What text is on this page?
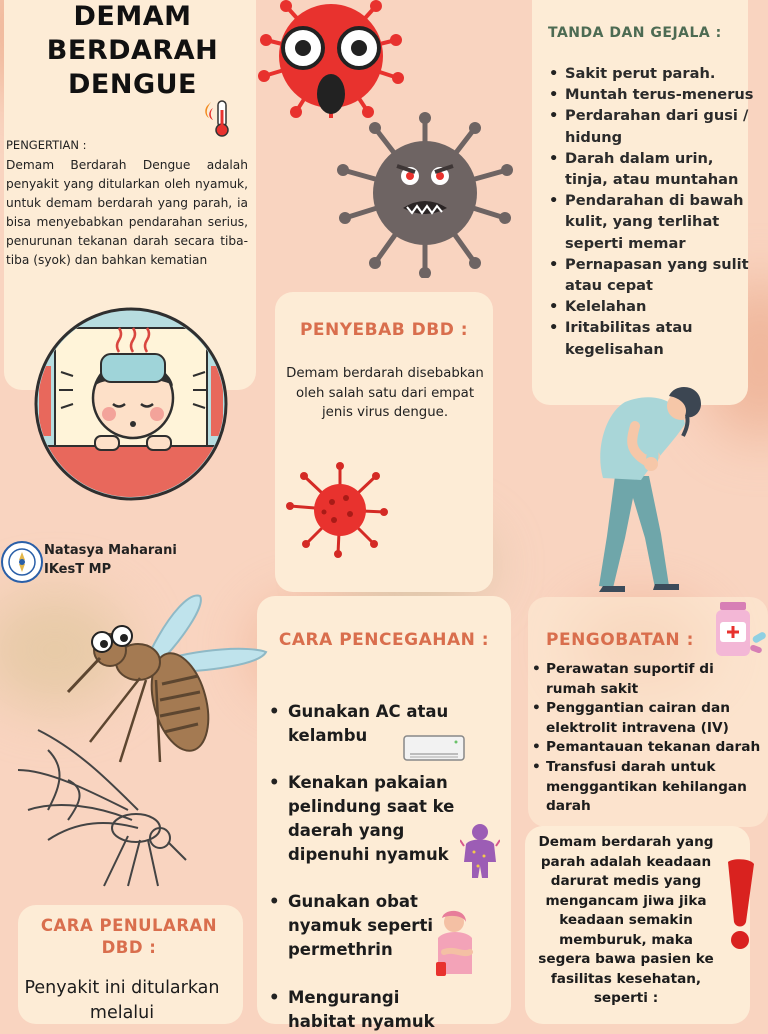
DEMAM
BERDARAH
DENGUE
PENGERTIAN :
Demam Berdarah Dengue adalah penyakit yang ditularkan oleh nyamuk, untuk demam berdarah yang parah, ia bisa menyebabkan pendarahan serius, penurunan tekanan darah secara tiba-tiba (syok) dan bahkan kematian
Natasya Maharani
IKesT MP
TANDA DAN GEJALA :
• Sakit perut parah.
• Muntah terus-menerus
• Perdarahan dari gusi / hidung
• Darah dalam urin, tinja, atau muntahan
• Pendarahan di bawah kulit, yang terlihat seperti memar
• Pernapasan yang sulit atau cepat
• Kelelahan
• Iritabilitas atau kegelisahan
PENYEBAB DBD :
Demam berdarah disebabkan oleh salah satu dari empat jenis virus dengue.
CARA PENCEGAHAN :
• Gunakan AC atau kelambu
• Kenakan pakaian pelindung saat ke daerah yang dipenuhi nyamuk
• Gunakan obat nyamuk seperti permethrin
• Mengurangi habitat nyamuk
PENGOBATAN :
• Perawatan suportif di rumah sakit
• Penggantian cairan dan elektrolit intravena (IV)
• Pemantauan tekanan darah
• Transfusi darah untuk menggantikan kehilangan darah
Demam berdarah yang parah adalah keadaan darurat medis yang mengancam jiwa jika keadaan semakin memburuk, maka segera bawa pasien ke fasilitas kesehatan, seperti :
CARA PENULARAN DBD :
Penyakit ini ditularkan melalui
